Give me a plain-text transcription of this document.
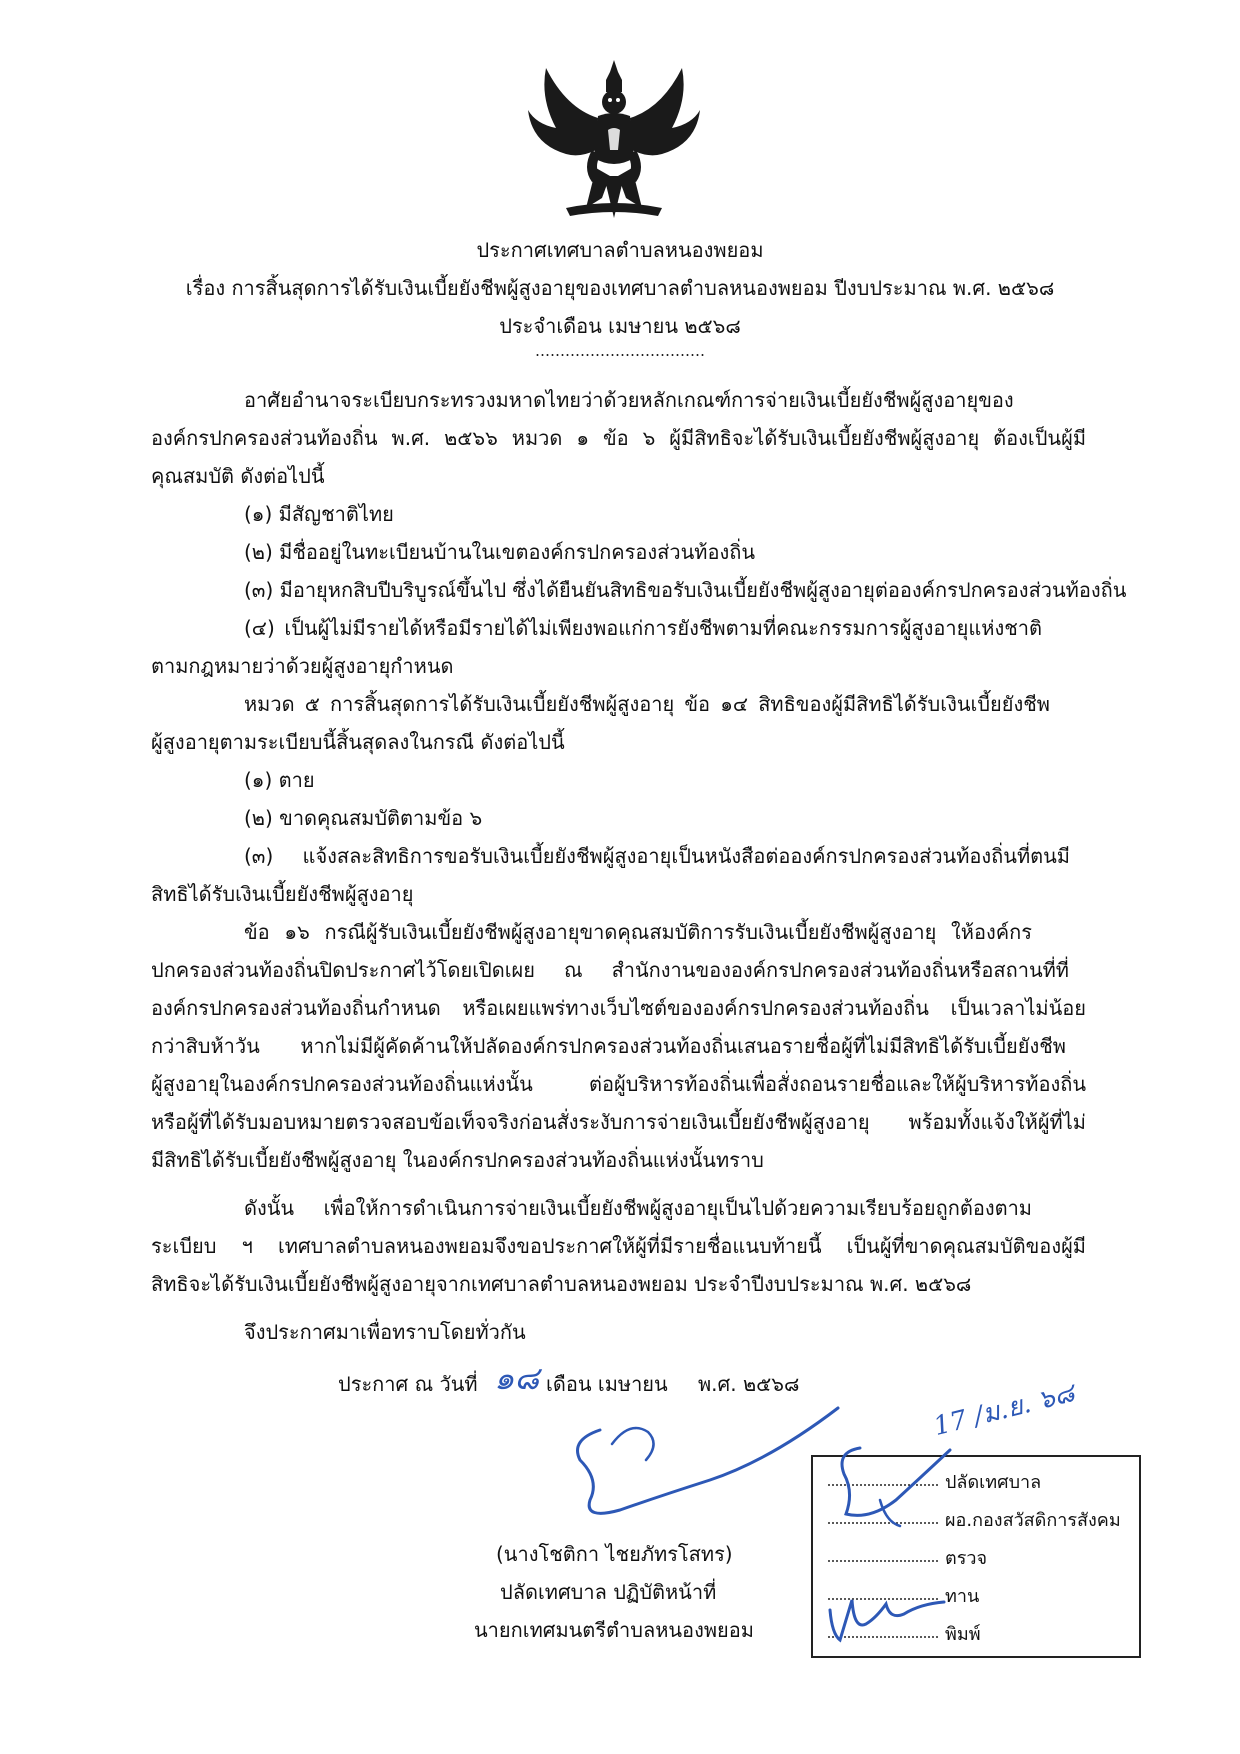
ประกาศเทศบาลตำบลหนองพยอม
เรื่อง การสิ้นสุดการได้รับเงินเบี้ยยังชีพผู้สูงอายุของเทศบาลตำบลหนองพยอม ปีงบประมาณ พ.ศ. ๒๕๖๘
ประจำเดือน เมษายน ๒๕๖๘
อาศัยอำนาจระเบียบกระทรวงมหาดไทยว่าด้วยหลักเกณฑ์การจ่ายเงินเบี้ยยังชีพผู้สูงอายุของ
องค์กรปกครองส่วนท้องถิ่น พ.ศ. ๒๕๖๖ หมวด ๑ ข้อ ๖ ผู้มีสิทธิจะได้รับเงินเบี้ยยังชีพผู้สูงอายุ ต้องเป็นผู้มี
คุณสมบัติ ดังต่อไปนี้
(๑) มีสัญชาติไทย
(๒) มีชื่ออยู่ในทะเบียนบ้านในเขตองค์กรปกครองส่วนท้องถิ่น
(๓) มีอายุหกสิบปีบริบูรณ์ขึ้นไป ซึ่งได้ยืนยันสิทธิขอรับเงินเบี้ยยังชีพผู้สูงอายุต่อองค์กรปกครองส่วนท้องถิ่น
(๔) เป็นผู้ไม่มีรายได้หรือมีรายได้ไม่เพียงพอแก่การยังชีพตามที่คณะกรรมการผู้สูงอายุแห่งชาติ
ตามกฎหมายว่าด้วยผู้สูงอายุกำหนด
หมวด ๕ การสิ้นสุดการได้รับเงินเบี้ยยังชีพผู้สูงอายุ ข้อ ๑๔ สิทธิของผู้มีสิทธิได้รับเงินเบี้ยยังชีพ
ผู้สูงอายุตามระเบียบนี้สิ้นสุดลงในกรณี ดังต่อไปนี้
(๑) ตาย
(๒) ขาดคุณสมบัติตามข้อ ๖
(๓) แจ้งสละสิทธิการขอรับเงินเบี้ยยังชีพผู้สูงอายุเป็นหนังสือต่อองค์กรปกครองส่วนท้องถิ่นที่ตนมี
สิทธิได้รับเงินเบี้ยยังชีพผู้สูงอายุ
ข้อ ๑๖ กรณีผู้รับเงินเบี้ยยังชีพผู้สูงอายุขาดคุณสมบัติการรับเงินเบี้ยยังชีพผู้สูงอายุ ให้องค์กร
ปกครองส่วนท้องถิ่นปิดประกาศไว้โดยเปิดเผย ณ สำนักงานขององค์กรปกครองส่วนท้องถิ่นหรือสถานที่ที่
องค์กรปกครองส่วนท้องถิ่นกำหนด หรือเผยแพร่ทางเว็บไซต์ขององค์กรปกครองส่วนท้องถิ่น เป็นเวลาไม่น้อย
กว่าสิบห้าวัน หากไม่มีผู้คัดค้านให้ปลัดองค์กรปกครองส่วนท้องถิ่นเสนอรายชื่อผู้ที่ไม่มีสิทธิได้รับเบี้ยยังชีพ
ผู้สูงอายุในองค์กรปกครองส่วนท้องถิ่นแห่งนั้น ต่อผู้บริหารท้องถิ่นเพื่อสั่งถอนรายชื่อและให้ผู้บริหารท้องถิ่น
หรือผู้ที่ได้รับมอบหมายตรวจสอบข้อเท็จจริงก่อนสั่งระงับการจ่ายเงินเบี้ยยังชีพผู้สูงอายุ พร้อมทั้งแจ้งให้ผู้ที่ไม่
มีสิทธิได้รับเบี้ยยังชีพผู้สูงอายุ ในองค์กรปกครองส่วนท้องถิ่นแห่งนั้นทราบ
ดังนั้น เพื่อให้การดำเนินการจ่ายเงินเบี้ยยังชีพผู้สูงอายุเป็นไปด้วยความเรียบร้อยถูกต้องตาม
ระเบียบ ฯ เทศบาลตำบลหนองพยอมจึงขอประกาศให้ผู้ที่มีรายชื่อแนบท้ายนี้ เป็นผู้ที่ขาดคุณสมบัติของผู้มี
สิทธิจะได้รับเงินเบี้ยยังชีพผู้สูงอายุจากเทศบาลตำบลหนองพยอม ประจำปีงบประมาณ พ.ศ. ๒๕๖๘
จึงประกาศมาเพื่อทราบโดยทั่วกัน
ประกาศ ณ วันที่ ๑๘ เดือน เมษายน พ.ศ. ๒๕๖๘
(นางโชติกา ไชยภัทรโสทร)
ปลัดเทศบาล ปฏิบัติหน้าที่
นายกเทศมนตรีตำบลหนองพยอม
ปลัดเทศบาล
ผอ.กองสวัสดิการสังคม
ตรวจ
ทาน
พิมพ์
17 /ม.ย. ๖๘
